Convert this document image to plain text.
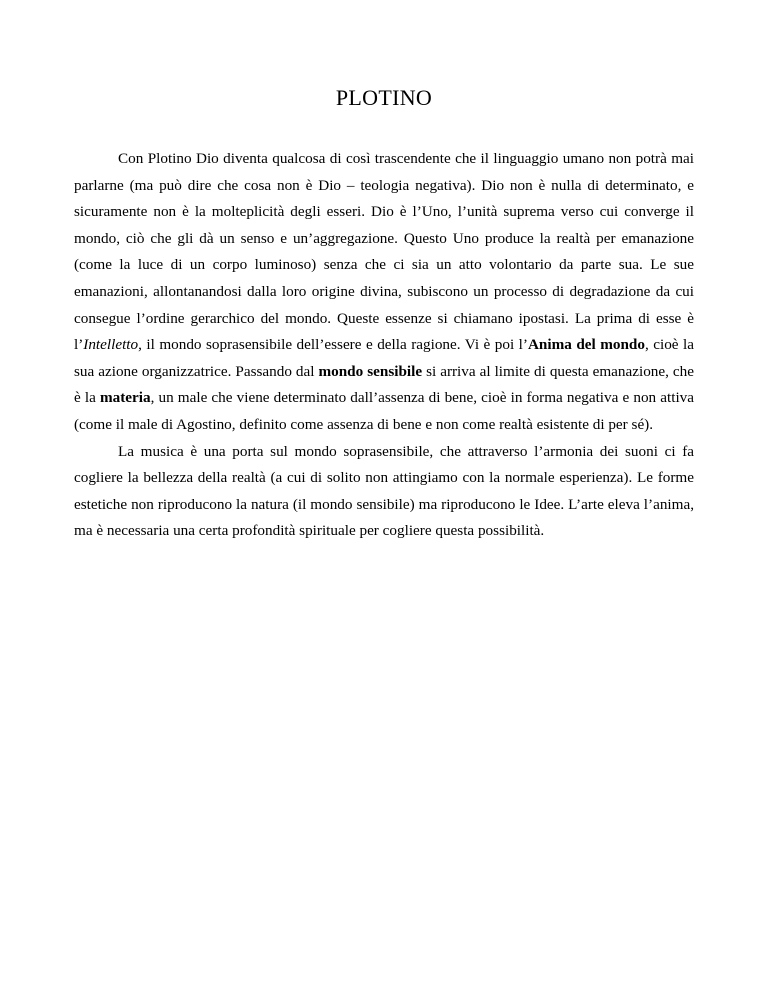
PLOTINO

Con Plotino Dio diventa qualcosa di così trascendente che il linguaggio umano non potrà mai parlarne (ma può dire che cosa non è Dio – teologia negativa). Dio non è nulla di determinato, e sicuramente non è la molteplicità degli esseri. Dio è l’Uno, l’unità suprema verso cui converge il mondo, ciò che gli dà un senso e un’aggregazione. Questo Uno produce la realtà per emanazione (come la luce di un corpo luminoso) senza che ci sia un atto volontario da parte sua. Le sue emanazioni, allontanandosi dalla loro origine divina, subiscono un processo di degradazione da cui consegue l’ordine gerarchico del mondo. Queste essenze si chiamano ipostasi. La prima di esse è l’Intelletto, il mondo soprasensibile dell’essere e della ragione. Vi è poi l’Anima del mondo, cioè la sua azione organizzatrice. Passando dal mondo sensibile si arriva al limite di questa emanazione, che è la materia, un male che viene determinato dall’assenza di bene, cioè in forma negativa e non attiva (come il male di Agostino, definito come assenza di bene e non come realtà esistente di per sé).

La musica è una porta sul mondo soprasensibile, che attraverso l’armonia dei suoni ci fa cogliere la bellezza della realtà (a cui di solito non attingiamo con la normale esperienza). Le forme estetiche non riproducono la natura (il mondo sensibile) ma riproducono le Idee. L’arte eleva l’anima, ma è necessaria una certa profondità spirituale per cogliere questa possibilità.
